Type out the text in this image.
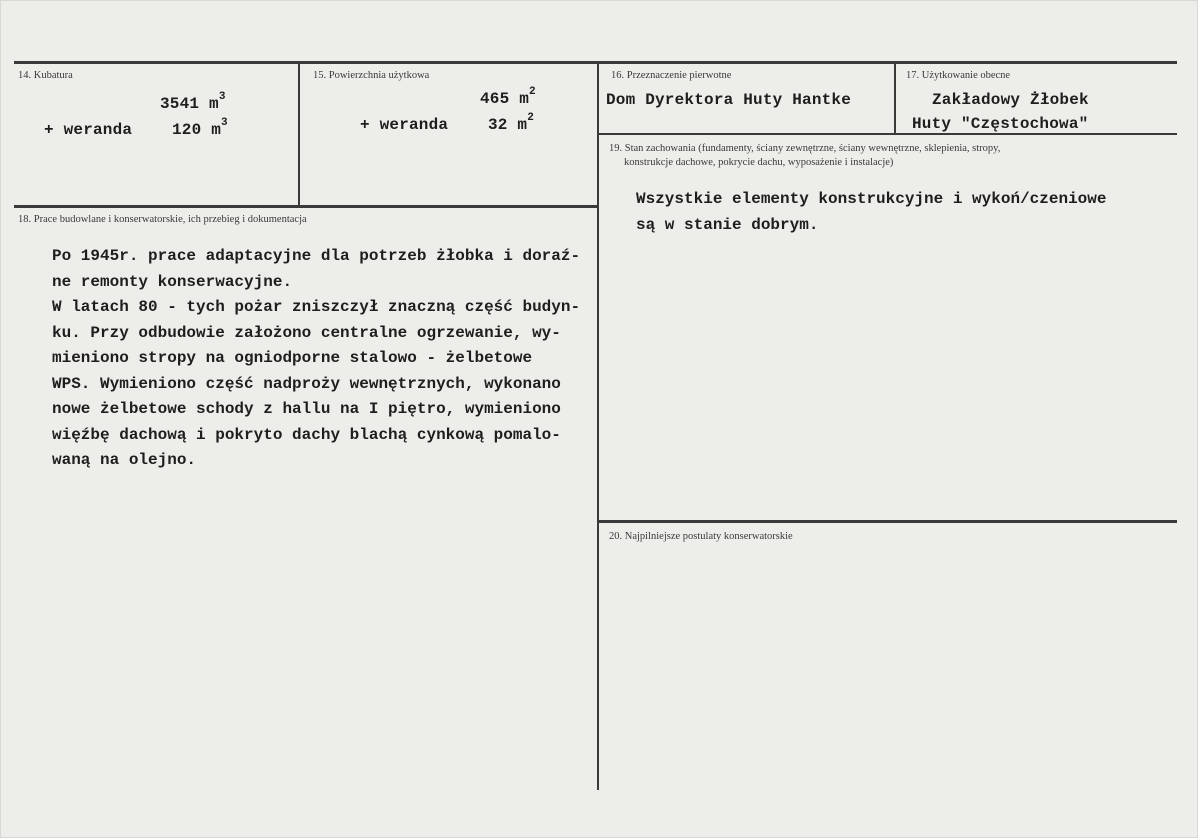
14. Kubatura
3541 $m^3$
+ weranda 120 $m^3$
15. Powierzchnia użytkowa
465 $m^2$
+ weranda 32 $m^2$
16. Przeznaczenie pierwotne
Dom Dyrektora Huty Hantke
17. Użytkowanie obecne
Zakładowy Żłobek
Huty "Częstochowa"
19. Stan zachowania (fundamenty, ściany zewnętrzne, ściany wewnętrzne, sklepienia, stropy,
konstrukcje dachowe, pokrycie dachu, wyposażenie i instalacje)
Wszystkie elementy konstrukcyjne i wykoń/czeniowe
są w stanie dobrym.
18. Prace budowlane i konserwatorskie, ich przebieg i dokumentacja
Po 1945r. prace adaptacyjne dla potrzeb żłobka i doraź-
ne remonty konserwacyjne.
W latach 80 - tych pożar zniszczył znaczną część budyn-
ku. Przy odbudowie założono centralne ogrzewanie, wy-
mieniono stropy na ogniodporne stalowo - żelbetowe
WPS. Wymieniono część nadproży wewnętrznych, wykonano
nowe żelbetowe schody z hallu na I piętro, wymieniono
więźbę dachową i pokryto dachy blachą cynkową pomalo-
waną na olejno.
20. Najpilniejsze postulaty konserwatorskie
